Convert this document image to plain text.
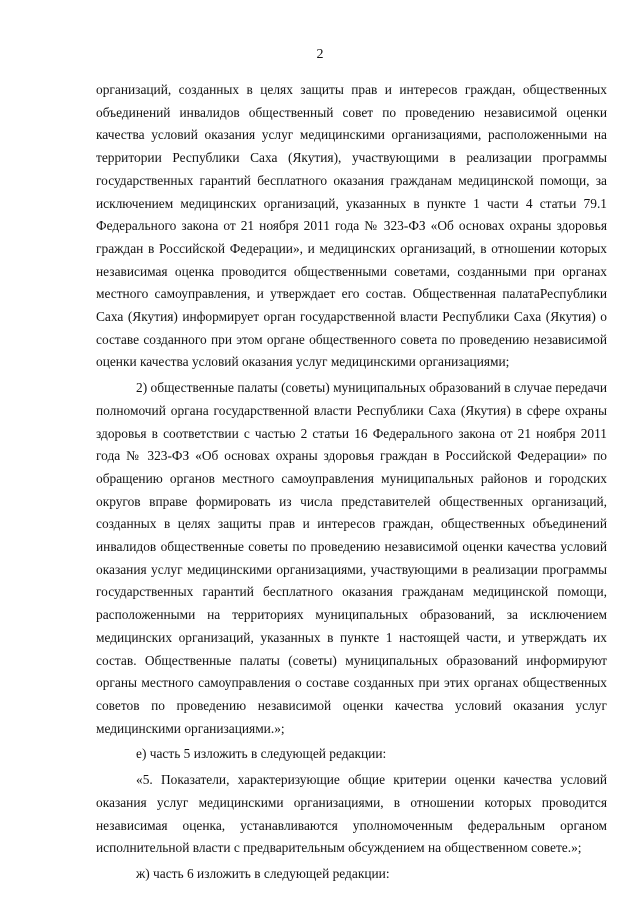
2

организаций, созданных в целях защиты прав и интересов граждан, общественных объединений инвалидов общественный совет по проведению независимой оценки качества условий оказания услуг медицинскими организациями, расположенными на территории Республики Саха (Якутия), участвующими в реализации программы государственных гарантий бесплатного оказания гражданам медицинской помощи, за исключением медицинских организаций, указанных в пункте 1 части 4 статьи 79.1 Федерального закона от 21 ноября 2011 года № 323-ФЗ «Об основах охраны здоровья граждан в Российской Федерации», и медицинских организаций, в отношении которых независимая оценка проводится общественными советами, созданными при органах местного самоуправления, и утверждает его состав. Общественная палатаРеспублики Саха (Якутия) информирует орган государственной власти Республики Саха (Якутия) о составе созданного при этом органе общественного совета по проведению независимой оценки качества условий оказания услуг медицинскими организациями;

2) общественные палаты (советы) муниципальных образований в случае передачи полномочий органа государственной власти Республики Саха (Якутия) в сфере охраны здоровья в соответствии с частью 2 статьи 16 Федерального закона от 21 ноября 2011 года № 323-ФЗ «Об основах охраны здоровья граждан в Российской Федерации» по обращению органов местного самоуправления муниципальных районов и городских округов вправе формировать из числа представителей общественных организаций, созданных в целях защиты прав и интересов граждан, общественных объединений инвалидов общественные советы по проведению независимой оценки качества условий оказания услуг медицинскими организациями, участвующими в реализации программы государственных гарантий бесплатного оказания гражданам медицинской помощи, расположенными на территориях муниципальных образований, за исключением медицинских организаций, указанных в пункте 1 настоящей части, и утверждать их состав. Общественные палаты (советы) муниципальных образований информируют органы местного самоуправления о составе созданных при этих органах общественных советов по проведению независимой оценки качества условий оказания услуг медицинскими организациями.»;

е) часть 5 изложить в следующей редакции:

«5. Показатели, характеризующие общие критерии оценки качества условий оказания услуг медицинскими организациями, в отношении которых проводится независимая оценка, устанавливаются уполномоченным федеральным органом исполнительной власти с предварительным обсуждением на общественном совете.»;

ж) часть 6 изложить в следующей редакции:
